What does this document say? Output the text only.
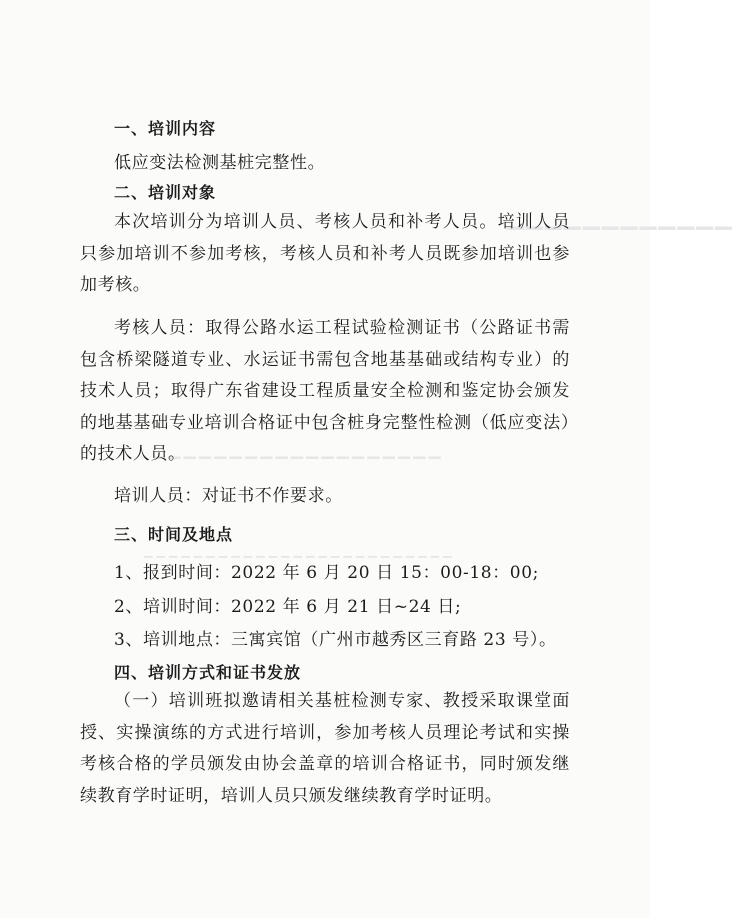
▔▔▔▔▔▔▔▔▔▔▔▔
▁▁▁▁▁▁▁▁▁▁▁▁▁▁▁▁▁▁▁
▁▁▁▁▁▁▁▁▁▁▁▁▁▁▁▁▁▁▁▁▁▁▁▁▁
一、培训内容
低应变法检测基桩完整性。
二、培训对象
本次培训分为培训人员、考核人员和补考人员。培训人员只参加培训不参加考核，考核人员和补考人员既参加培训也参加考核。
考核人员：取得公路水运工程试验检测证书（公路证书需包含桥梁隧道专业、水运证书需包含地基基础或结构专业）的技术人员；取得广东省建设工程质量安全检测和鉴定协会颁发的地基基础专业培训合格证中包含桩身完整性检测（低应变法）的技术人员。
培训人员：对证书不作要求。
三、时间及地点
1、报到时间：2022 年 6 月 20 日 15：00-18：00;
2、培训时间：2022 年 6 月 21 日~24 日;
3、培训地点：三寓宾馆（广州市越秀区三育路 23 号）。
四、培训方式和证书发放
（一）培训班拟邀请相关基桩检测专家、教授采取课堂面授、实操演练的方式进行培训，参加考核人员理论考试和实操考核合格的学员颁发由协会盖章的培训合格证书，同时颁发继续教育学时证明，培训人员只颁发继续教育学时证明。
